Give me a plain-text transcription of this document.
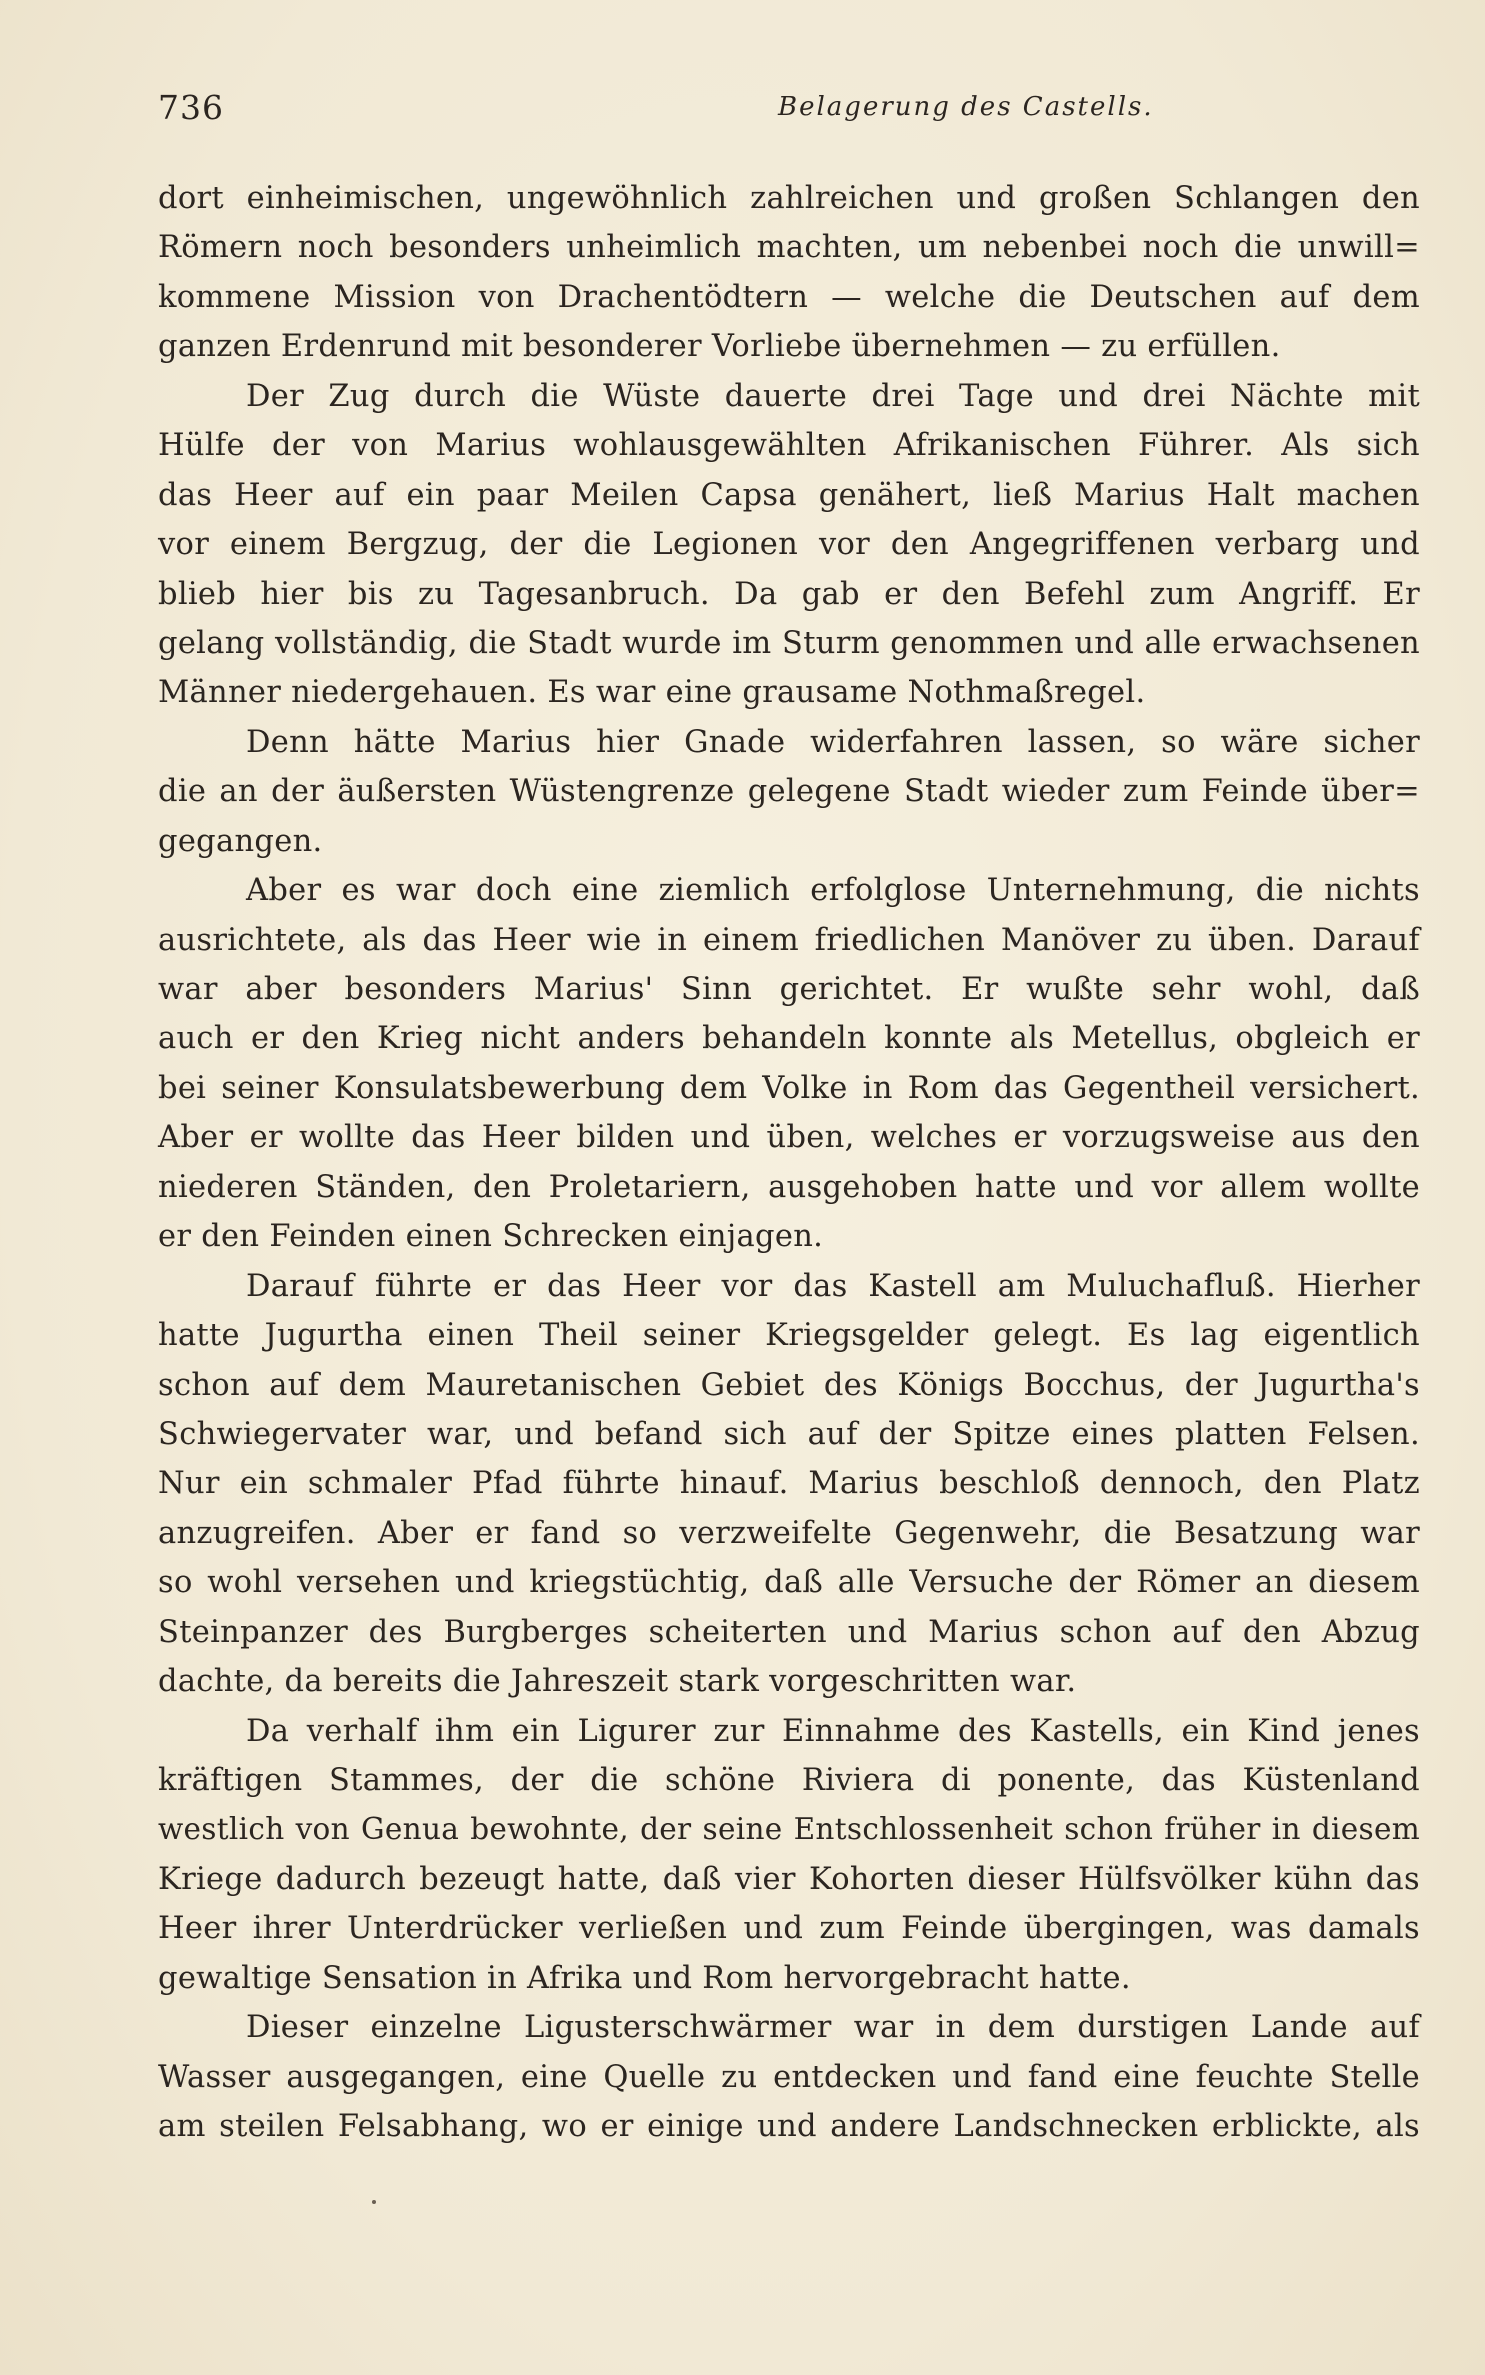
736	Belagerung des Castells.
dort einheimischen, ungewöhnlich zahlreichen und großen Schlangen den
Römern noch besonders unheimlich machten, um nebenbei noch die unwill=
kommene Mission von Drachentödtern — welche die Deutschen auf dem
ganzen Erdenrund mit besonderer Vorliebe übernehmen — zu erfüllen.
Der Zug durch die Wüste dauerte drei Tage und drei Nächte mit
Hülfe der von Marius wohlausgewählten Afrikanischen Führer. Als sich
das Heer auf ein paar Meilen Capsa genähert, ließ Marius Halt machen
vor einem Bergzug, der die Legionen vor den Angegriffenen verbarg und
blieb hier bis zu Tagesanbruch. Da gab er den Befehl zum Angriff. Er
gelang vollständig, die Stadt wurde im Sturm genommen und alle erwachsenen
Männer niedergehauen. Es war eine grausame Nothmaßregel.
Denn hätte Marius hier Gnade widerfahren lassen, so wäre sicher
die an der äußersten Wüstengrenze gelegene Stadt wieder zum Feinde über=
gegangen.
Aber es war doch eine ziemlich erfolglose Unternehmung, die nichts
ausrichtete, als das Heer wie in einem friedlichen Manöver zu üben. Darauf
war aber besonders Marius' Sinn gerichtet. Er wußte sehr wohl, daß
auch er den Krieg nicht anders behandeln konnte als Metellus, obgleich er
bei seiner Konsulatsbewerbung dem Volke in Rom das Gegentheil versichert.
Aber er wollte das Heer bilden und üben, welches er vorzugsweise aus den
niederen Ständen, den Proletariern, ausgehoben hatte und vor allem wollte
er den Feinden einen Schrecken einjagen.
Darauf führte er das Heer vor das Kastell am Muluchafluß. Hierher
hatte Jugurtha einen Theil seiner Kriegsgelder gelegt. Es lag eigentlich
schon auf dem Mauretanischen Gebiet des Königs Bocchus, der Jugurtha's
Schwiegervater war, und befand sich auf der Spitze eines platten Felsen.
Nur ein schmaler Pfad führte hinauf. Marius beschloß dennoch, den Platz
anzugreifen. Aber er fand so verzweifelte Gegenwehr, die Besatzung war
so wohl versehen und kriegstüchtig, daß alle Versuche der Römer an diesem
Steinpanzer des Burgberges scheiterten und Marius schon auf den Abzug
dachte, da bereits die Jahreszeit stark vorgeschritten war.
Da verhalf ihm ein Ligurer zur Einnahme des Kastells, ein Kind jenes
kräftigen Stammes, der die schöne Riviera di ponente, das Küstenland
westlich von Genua bewohnte, der seine Entschlossenheit schon früher in diesem
Kriege dadurch bezeugt hatte, daß vier Kohorten dieser Hülfsvölker kühn das
Heer ihrer Unterdrücker verließen und zum Feinde übergingen, was damals
gewaltige Sensation in Afrika und Rom hervorgebracht hatte.
Dieser einzelne Ligusterschwärmer war in dem durstigen Lande auf
Wasser ausgegangen, eine Quelle zu entdecken und fand eine feuchte Stelle
am steilen Felsabhang, wo er einige und andere Landschnecken erblickte, als
